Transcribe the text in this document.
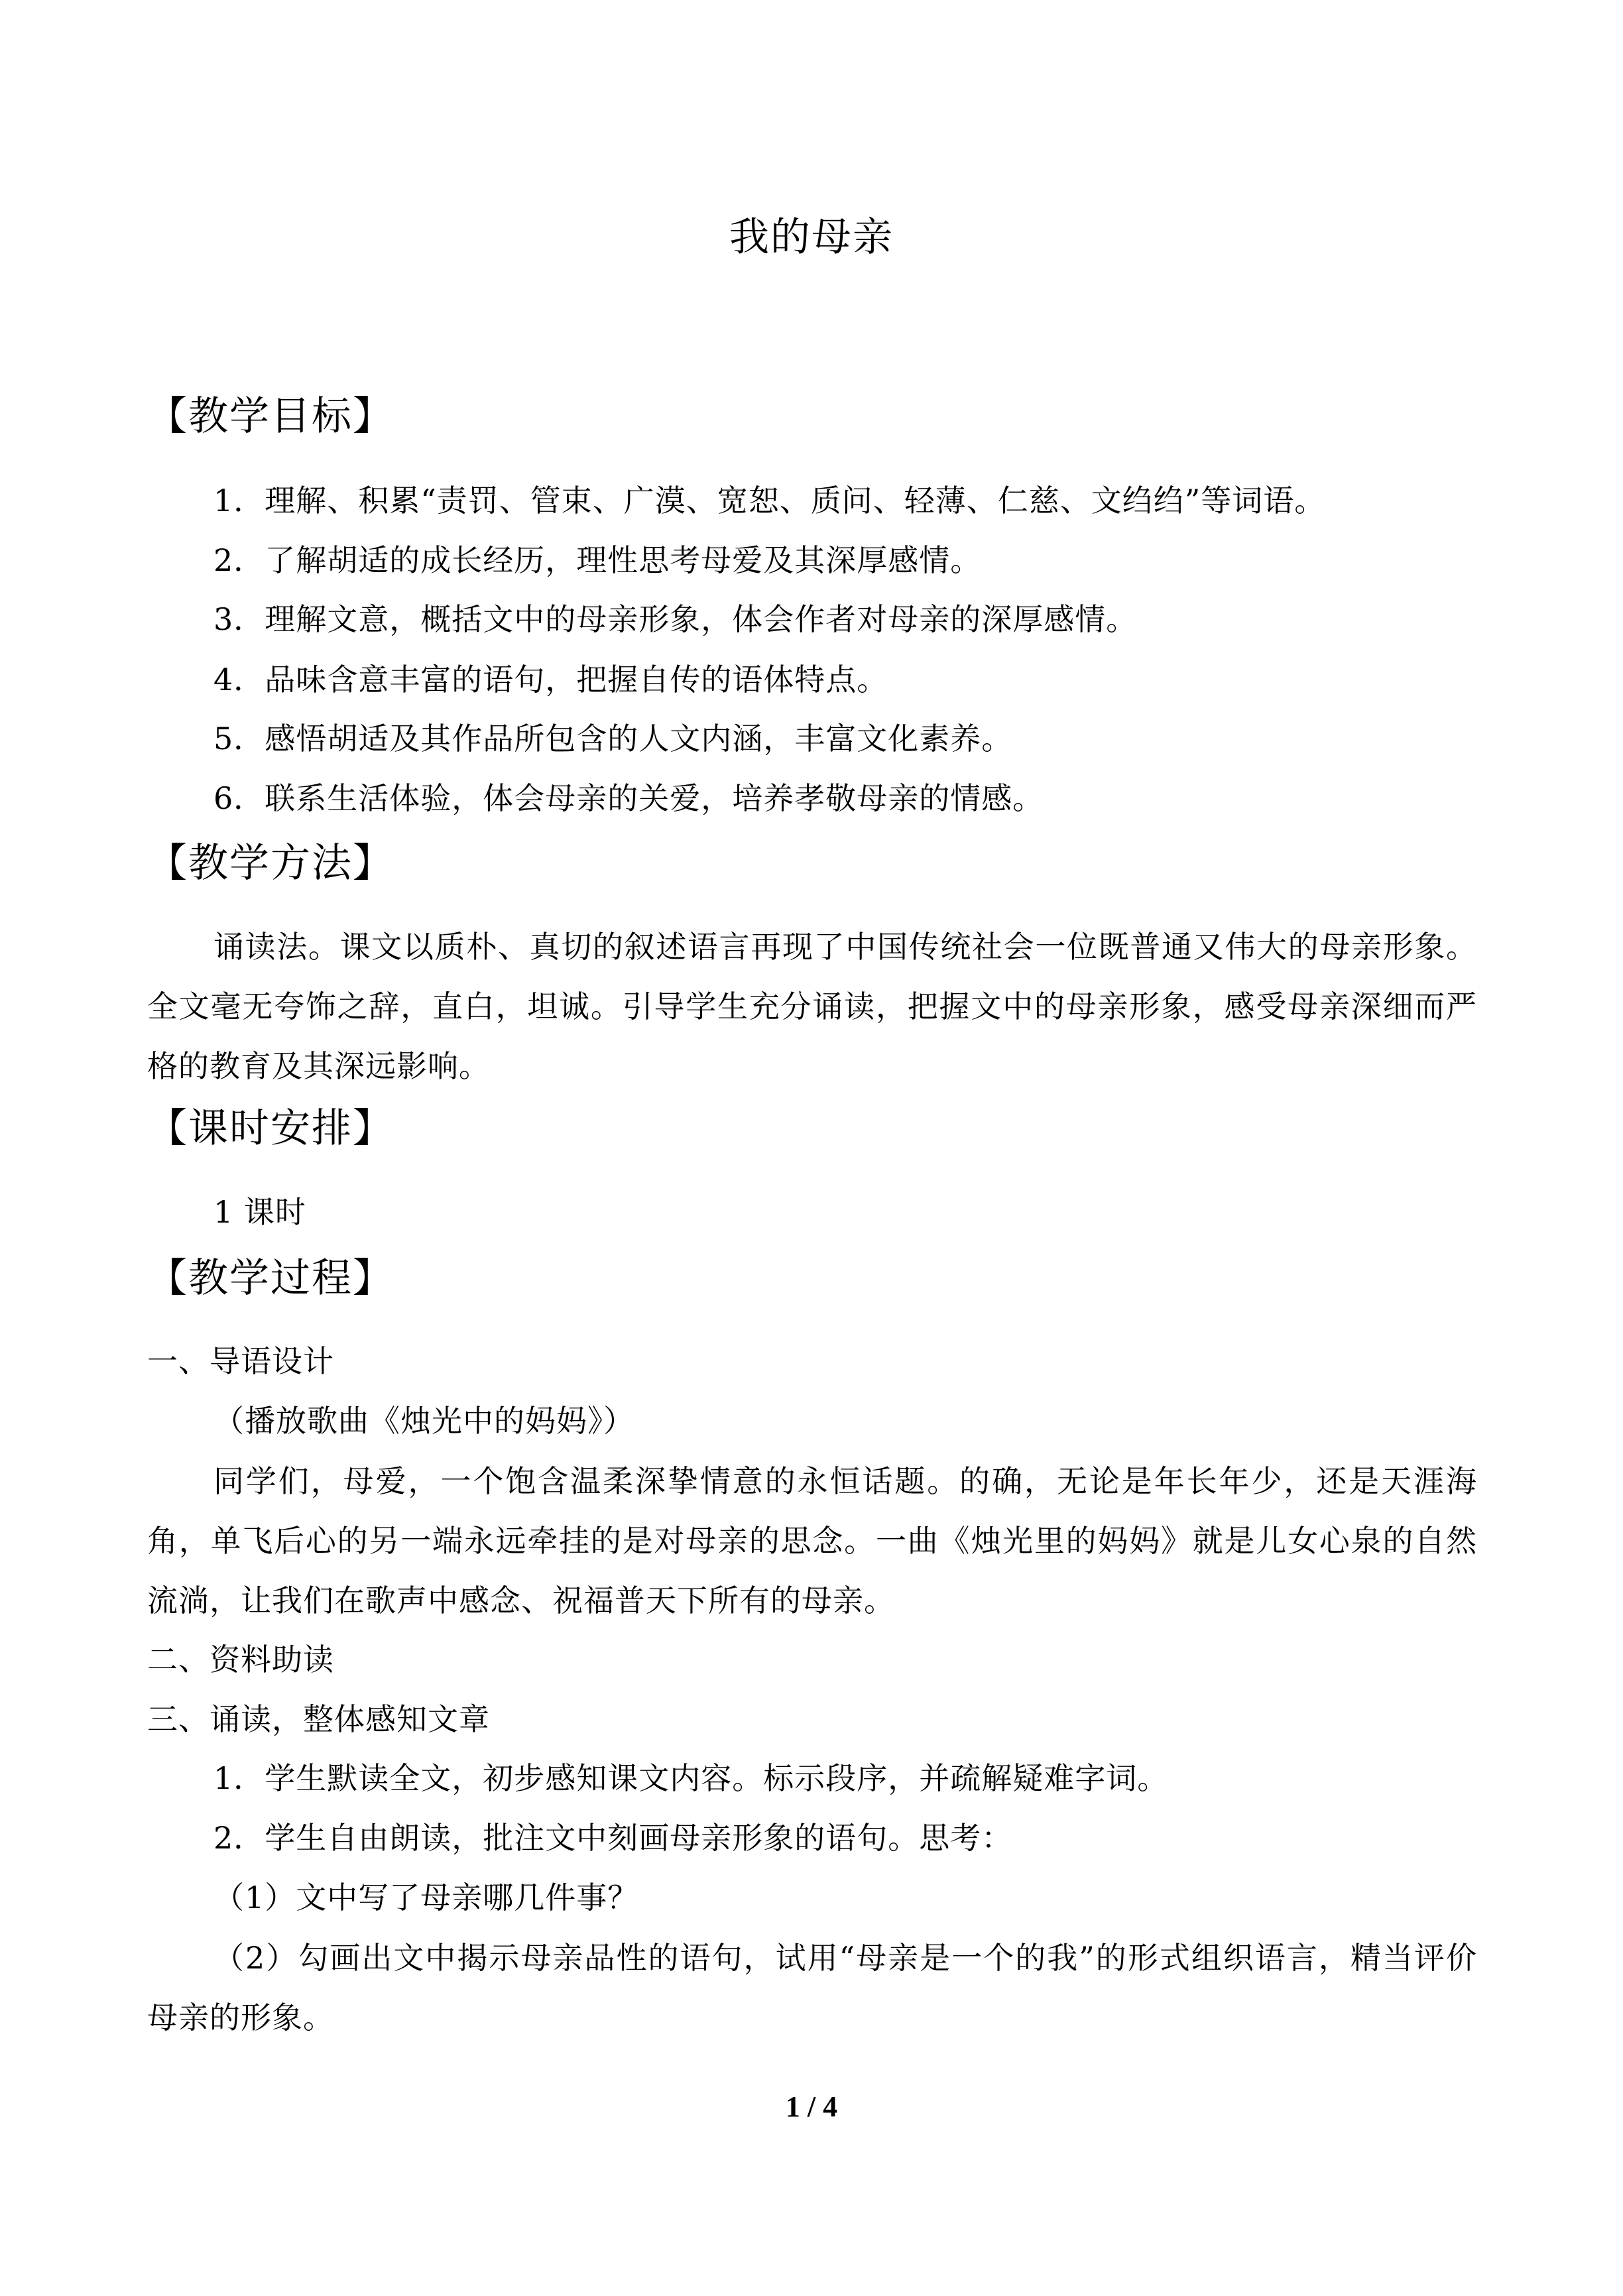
我的母亲
【教学目标】
1．理解、积累“责罚、管束、广漠、宽恕、质问、轻薄、仁慈、文绉绉”等词语。
2．了解胡适的成长经历，理性思考母爱及其深厚感情。
3．理解文意，概括文中的母亲形象，体会作者对母亲的深厚感情。
4．品味含意丰富的语句，把握自传的语体特点。
5．感悟胡适及其作品所包含的人文内涵，丰富文化素养。
6．联系生活体验，体会母亲的关爱，培养孝敬母亲的情感。
【教学方法】
诵读法。课文以质朴、真切的叙述语言再现了中国传统社会一位既普通又伟大的母亲形象。全文毫无夸饰之辞，直白，坦诚。引导学生充分诵读，把握文中的母亲形象，感受母亲深细而严格的教育及其深远影响。
【课时安排】
1 课时
【教学过程】
一、导语设计
（播放歌曲《烛光中的妈妈》）
同学们，母爱，一个饱含温柔深挚情意的永恒话题。的确，无论是年长年少，还是天涯海角，单飞后心的另一端永远牵挂的是对母亲的思念。一曲《烛光里的妈妈》就是儿女心泉的自然流淌，让我们在歌声中感念、祝福普天下所有的母亲。
二、资料助读
三、诵读，整体感知文章
1．学生默读全文，初步感知课文内容。标示段序，并疏解疑难字词。
2．学生自由朗读，批注文中刻画母亲形象的语句。思考：
（1）文中写了母亲哪几件事？
（2）勾画出文中揭示母亲品性的语句，试用“母亲是一个的我”的形式组织语言，精当评价母亲的形象。
1 / 4
